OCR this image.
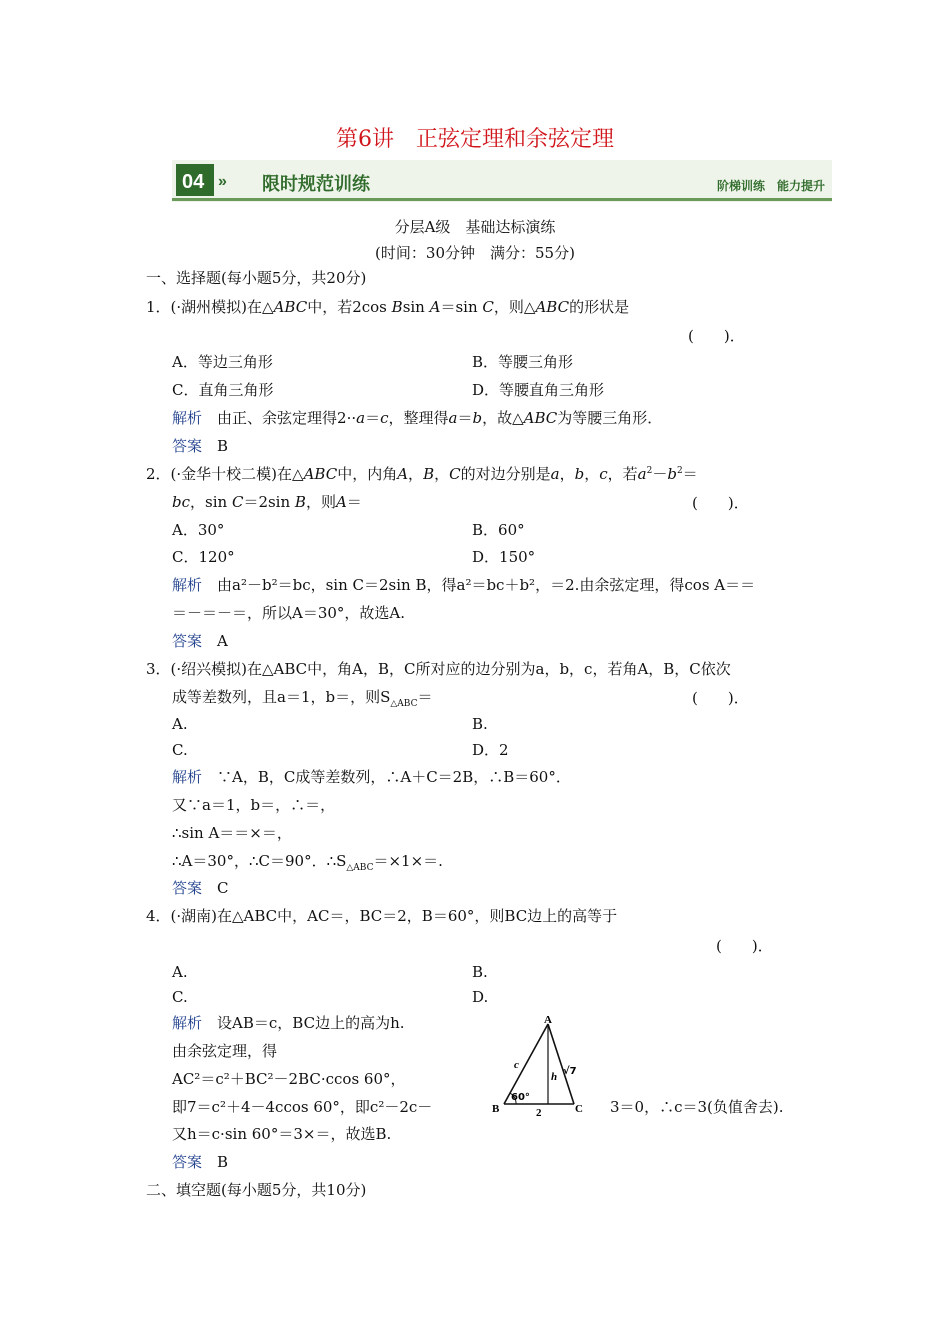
第6讲　正弦定理和余弦定理
04 » 限时规范训练	阶梯训练　能力提升
分层A级　基础达标演练
(时间：30分钟　满分：55分)
一、选择题(每小题5分，共20分)
1．(·湖州模拟)在△ABC中，若2cos Bsin A＝sin C，则△ABC的形状是
(　　)．
A．等边三角形	B．等腰三角形
C．直角三角形	D．等腰直角三角形
解析　 由正、余弦定理得2··a＝c，整理得a＝b，故△ABC为等腰三角形．
答案　 B
2．(·金华十校二模)在△ABC中，内角A，B，C的对边分别是a，b，c，若$a^2-b^2=$
bc，sin C＝2sin B，则A＝	(　　)．
A．30°	B．60°
C．120°	D．150°
解析　 由a²－b²＝bc，sin C＝2sin B，得a²＝bc＋b²，＝2.由余弦定理，得cos A＝＝
＝－＝－＝，所以A＝30°，故选A.
答案　 A
3．(·绍兴模拟)在△ABC中，角A，B，C所对应的边分别为a，b，c，若角A，B，C依次
成等差数列，且a＝1，b＝，则$S_{\triangle ABC}=$	(　　)．
A.	B.
C.	D．2
解析　 ∵A，B，C成等差数列，∴A＋C＝2B，∴B＝60°．
又∵a＝1，b＝，∴＝，
∴sin A＝＝×＝，
∴A＝30°，∴C＝90°．$\therefore S_{\triangle ABC}=\times 1\times=$.
答案　 C
4．(·湖南)在△ABC中，AC＝，BC＝2，B＝60°，则BC边上的高等于
(　　)．
A.	B.
C.	D.
解析　 设AB＝c，BC边上的高为h.
由余弦定理，得
AC²＝c²＋BC²－2BC·ccos 60°，
即7＝c²＋4－4ccos 60°，即c²－2c－	3＝0，∴c＝3(负值舍去).
又h＝c·sin 60°＝3×＝，故选B.
答案　 B
A
B	C
c
h √7
60°
2
二、填空题(每小题5分，共10分)
